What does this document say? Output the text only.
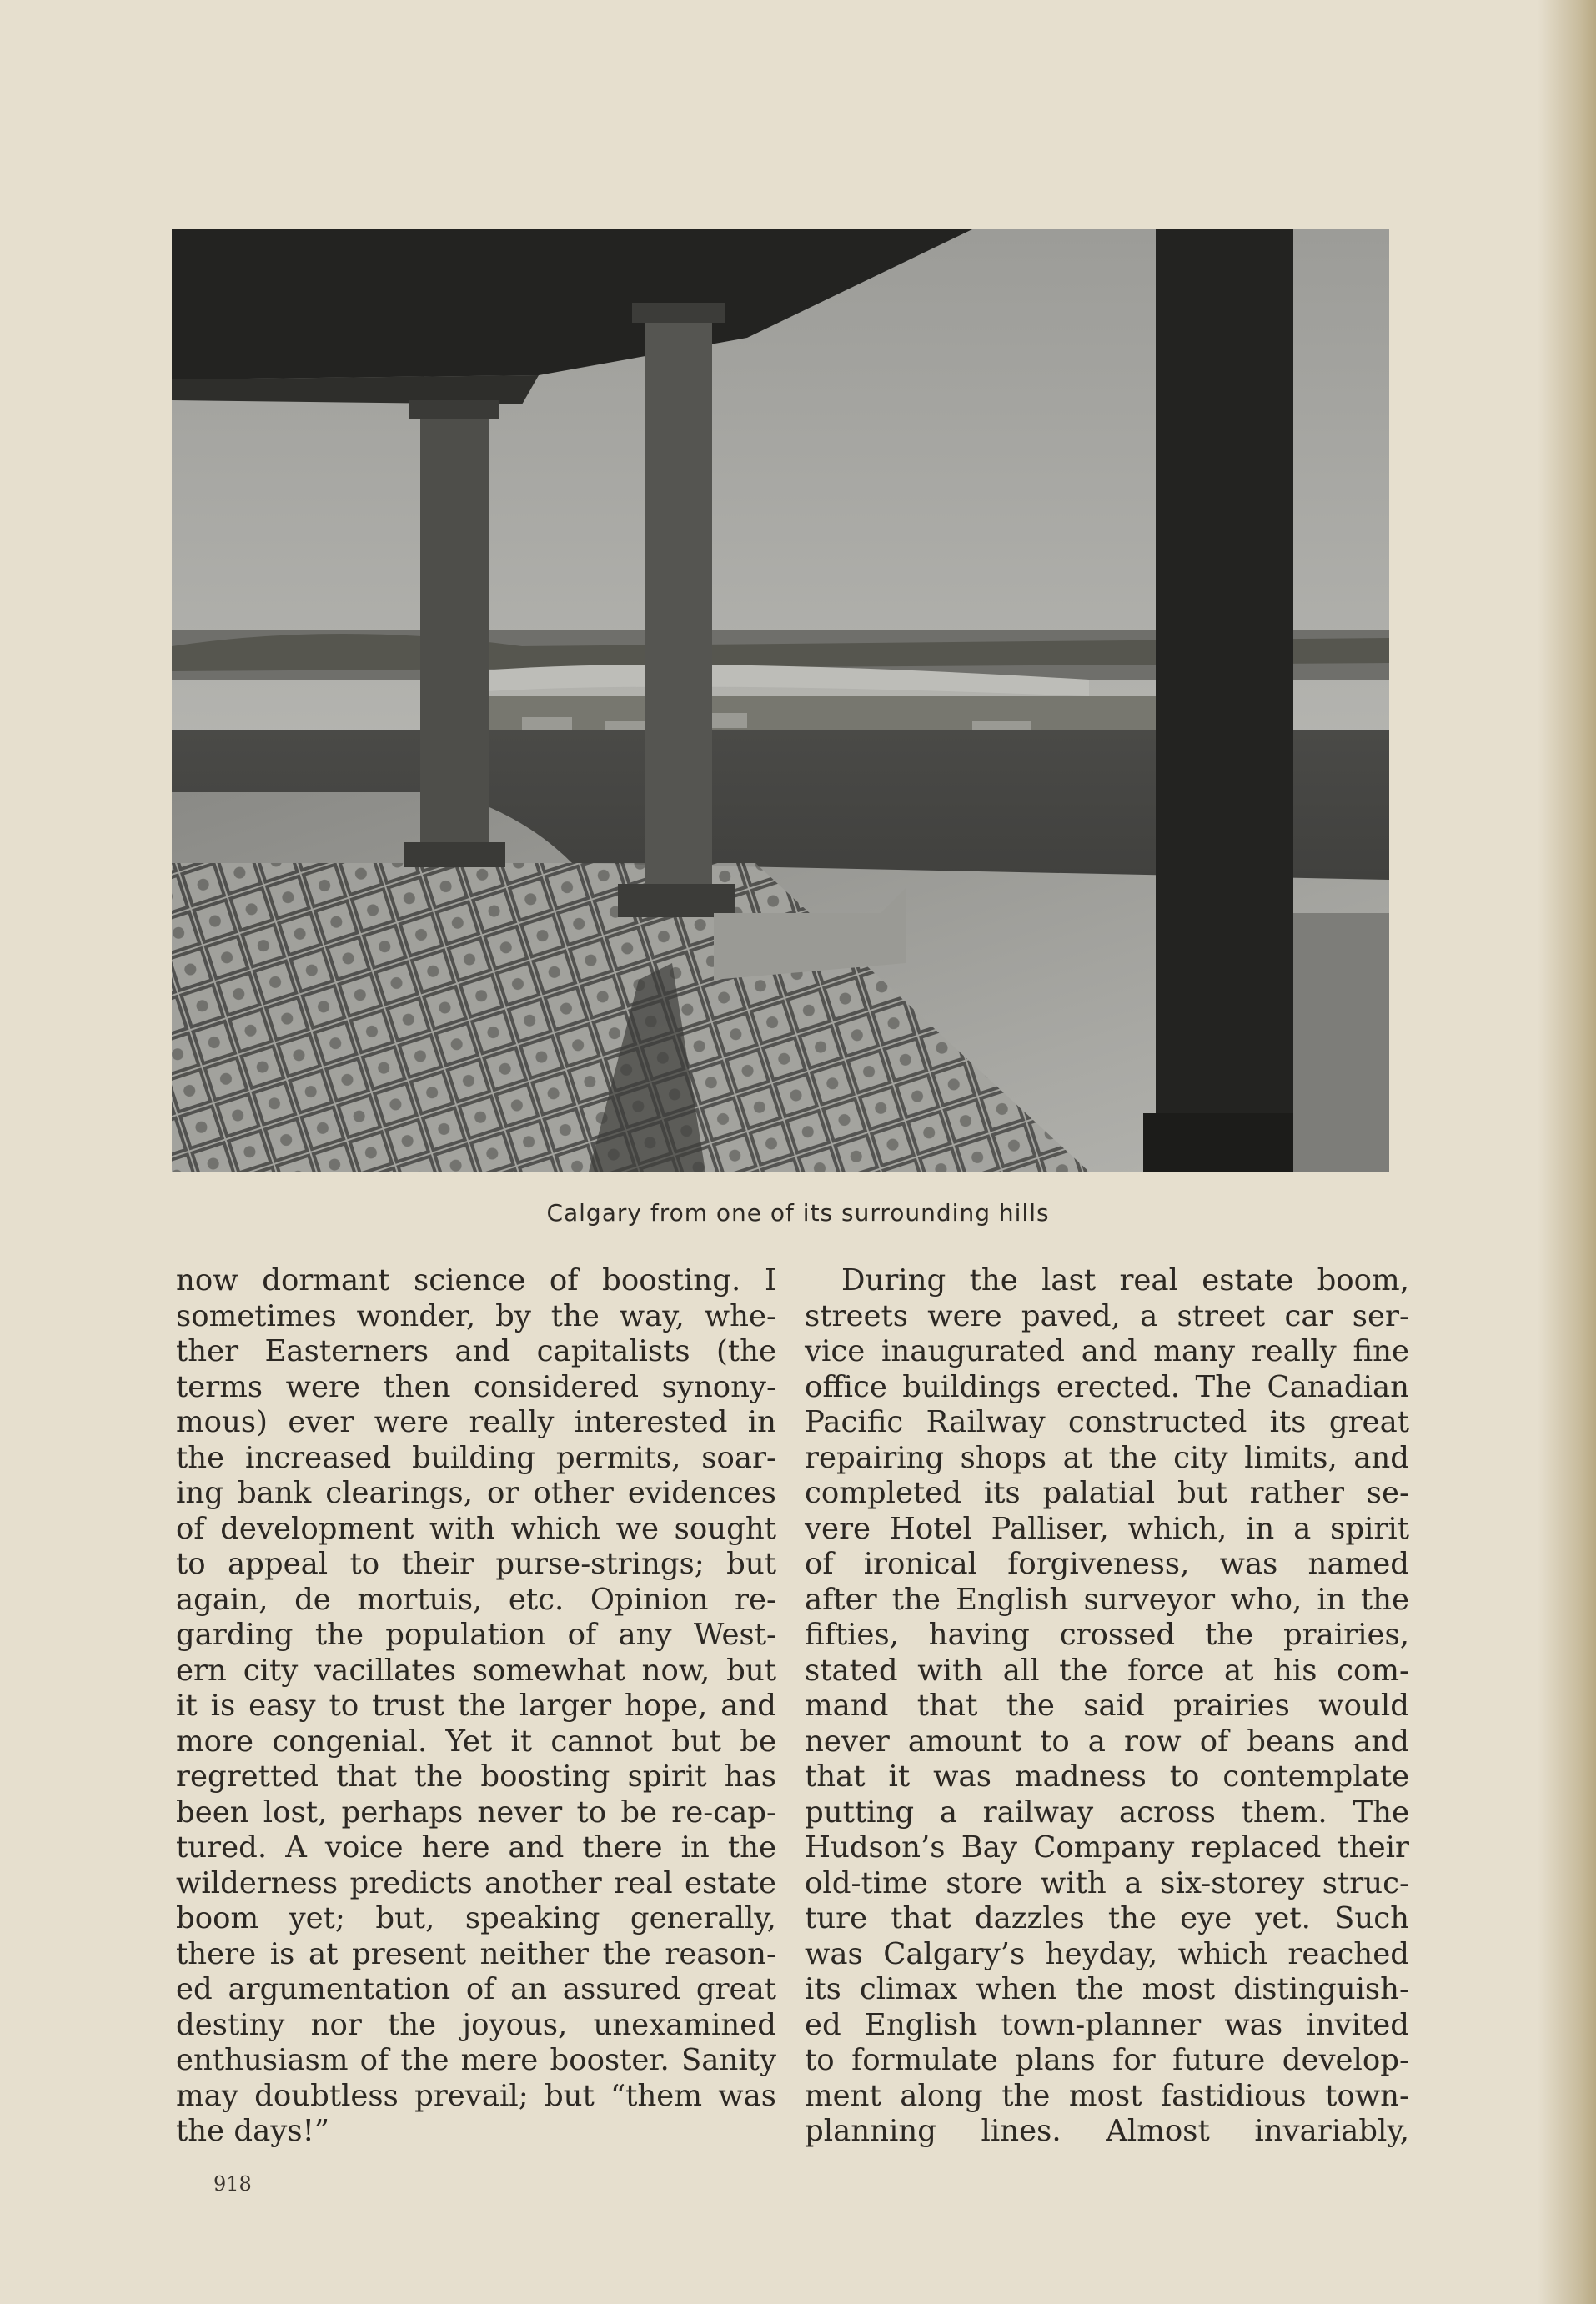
Calgary from one of its surrounding hills
now dormant science of boosting. I
sometimes wonder, by the way, whe-
ther Easterners and capitalists (the
terms were then considered synony-
mous) ever were really interested in
the increased building permits, soar-
ing bank clearings, or other evidences
of development with which we sought
to appeal to their purse-strings; but
again, de mortuis, etc. Opinion re-
garding the population of any West-
ern city vacillates somewhat now, but
it is easy to trust the larger hope, and
more congenial. Yet it cannot but be
regretted that the boosting spirit has
been lost, perhaps never to be re-cap-
tured. A voice here and there in the
wilderness predicts another real estate
boom yet; but, speaking generally,
there is at present neither the reason-
ed argumentation of an assured great
destiny nor the joyous, unexamined
enthusiasm of the mere booster. Sanity
may doubtless prevail; but “them was
the days!”
During the last real estate boom,
streets were paved, a street car ser-
vice inaugurated and many really fine
office buildings erected. The Canadian
Pacific Railway constructed its great
repairing shops at the city limits, and
completed its palatial but rather se-
vere Hotel Palliser, which, in a spirit
of ironical forgiveness, was named
after the English surveyor who, in the
fifties, having crossed the prairies,
stated with all the force at his com-
mand that the said prairies would
never amount to a row of beans and
that it was madness to contemplate
putting a railway across them. The
Hudson’s Bay Company replaced their
old-time store with a six-storey struc-
ture that dazzles the eye yet. Such
was Calgary’s heyday, which reached
its climax when the most distinguish-
ed English town-planner was invited
to formulate plans for future develop-
ment along the most fastidious town-
planning lines. Almost invariably,
918
